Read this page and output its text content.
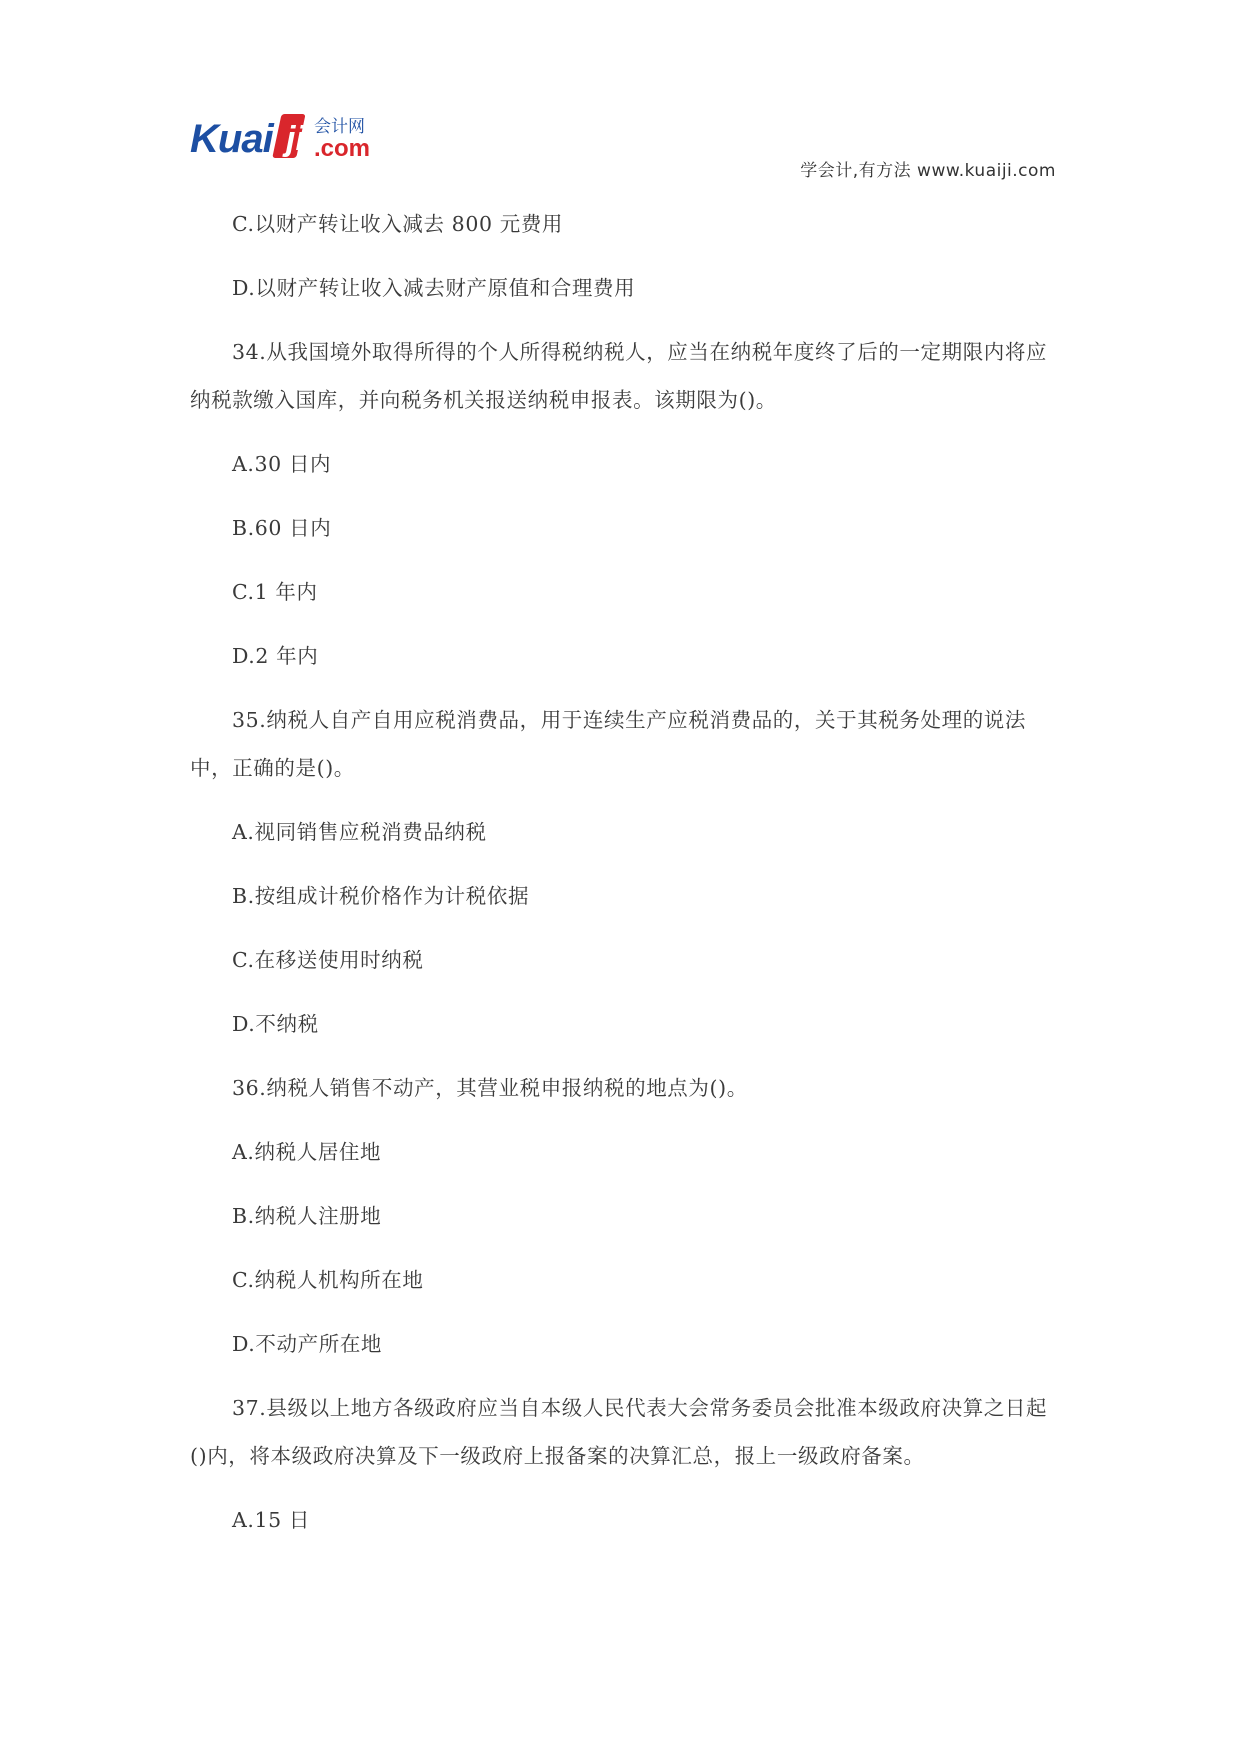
Kuai ji 会计网
.com
学会计,有方法 www.kuaiji.com

C.以财产转让收入减去 800 元费用

D.以财产转让收入减去财产原值和合理费用

34.从我国境外取得所得的个人所得税纳税人，应当在纳税年度终了后的一定期限内将应纳税款缴入国库，并向税务机关报送纳税申报表。该期限为()。

A.30 日内

B.60 日内

C.1 年内

D.2 年内

35.纳税人自产自用应税消费品，用于连续生产应税消费品的，关于其税务处理的说法中，正确的是()。

A.视同销售应税消费品纳税

B.按组成计税价格作为计税依据

C.在移送使用时纳税

D.不纳税

36.纳税人销售不动产，其营业税申报纳税的地点为()。

A.纳税人居住地

B.纳税人注册地

C.纳税人机构所在地

D.不动产所在地

37.县级以上地方各级政府应当自本级人民代表大会常务委员会批准本级政府决算之日起()内，将本级政府决算及下一级政府上报备案的决算汇总，报上一级政府备案。

A.15 日
